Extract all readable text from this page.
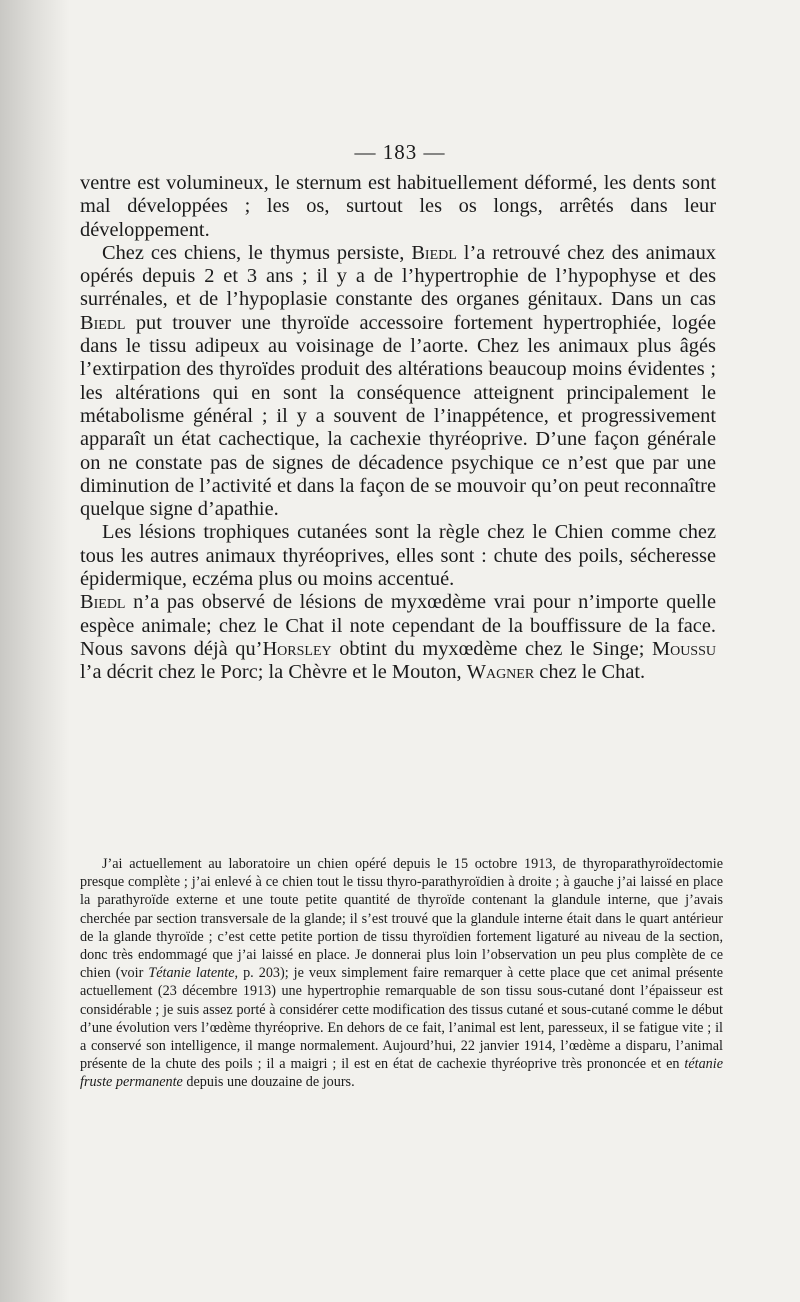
— 183 —

ventre est volumineux, le sternum est habituellement déformé, les dents sont mal développées ; les os, surtout les os longs, arrêtés dans leur développement.

Chez ces chiens, le thymus persiste, Biedl l’a retrouvé chez des animaux opérés depuis 2 et 3 ans ; il y a de l’hypertrophie de l’hypophyse et des surrénales, et de l’hypoplasie constante des organes génitaux. Dans un cas Biedl put trouver une thyroïde accessoire fortement hypertrophiée, logée dans le tissu adipeux au voisinage de l’aorte. Chez les animaux plus âgés l’extirpation des thyroïdes produit des altérations beaucoup moins évidentes ; les altérations qui en sont la conséquence atteignent principalement le métabolisme général ; il y a souvent de l’inappétence, et progressivement apparaît un état cachectique, la cachexie thyréoprive. D’une façon générale on ne constate pas de signes de décadence psychique ce n’est que par une diminution de l’activité et dans la façon de se mouvoir qu’on peut reconnaître quelque signe d’apathie.

Les lésions trophiques cutanées sont la règle chez le Chien comme chez tous les autres animaux thyréoprives, elles sont : chute des poils, sécheresse épidermique, eczéma plus ou moins accentué.

Biedl n’a pas observé de lésions de myxœdème vrai pour n’importe quelle espèce animale; chez le Chat il note cependant de la bouffissure de la face. Nous savons déjà qu’Horsley obtint du myxœdème chez le Singe; Moussu l’a décrit chez le Porc; la Chèvre et le Mouton, Wagner chez le Chat.

J’ai actuellement au laboratoire un chien opéré depuis le 15 octobre 1913, de thyroparathyroïdectomie presque complète ; j’ai enlevé à ce chien tout le tissu thyro-parathyroïdien à droite ; à gauche j’ai laissé en place la parathyroïde externe et une toute petite quantité de thyroïde contenant la glandule interne, que j’avais cherchée par section transversale de la glande; il s’est trouvé que la glandule interne était dans le quart antérieur de la glande thyroïde ; c’est cette petite portion de tissu thyroïdien fortement ligaturé au niveau de la section, donc très endommagé que j’ai laissé en place. Je donnerai plus loin l’observation un peu plus complète de ce chien (voir Tétanie latente, p. 203); je veux simplement faire remarquer à cette place que cet animal présente actuellement (23 décembre 1913) une hypertrophie remarquable de son tissu sous-cutané dont l’épaisseur est considérable ; je suis assez porté à considérer cette modification des tissus cutané et sous-cutané comme le début d’une évolution vers l’œdème thyréoprive. En dehors de ce fait, l’animal est lent, paresseux, il se fatigue vite ; il a conservé son intelligence, il mange normalement. Aujourd’hui, 22 janvier 1914, l’œdème a disparu, l’animal présente de la chute des poils ; il a maigri ; il est en état de cachexie thyréoprive très prononcée et en tétanie fruste permanente depuis une douzaine de jours.
